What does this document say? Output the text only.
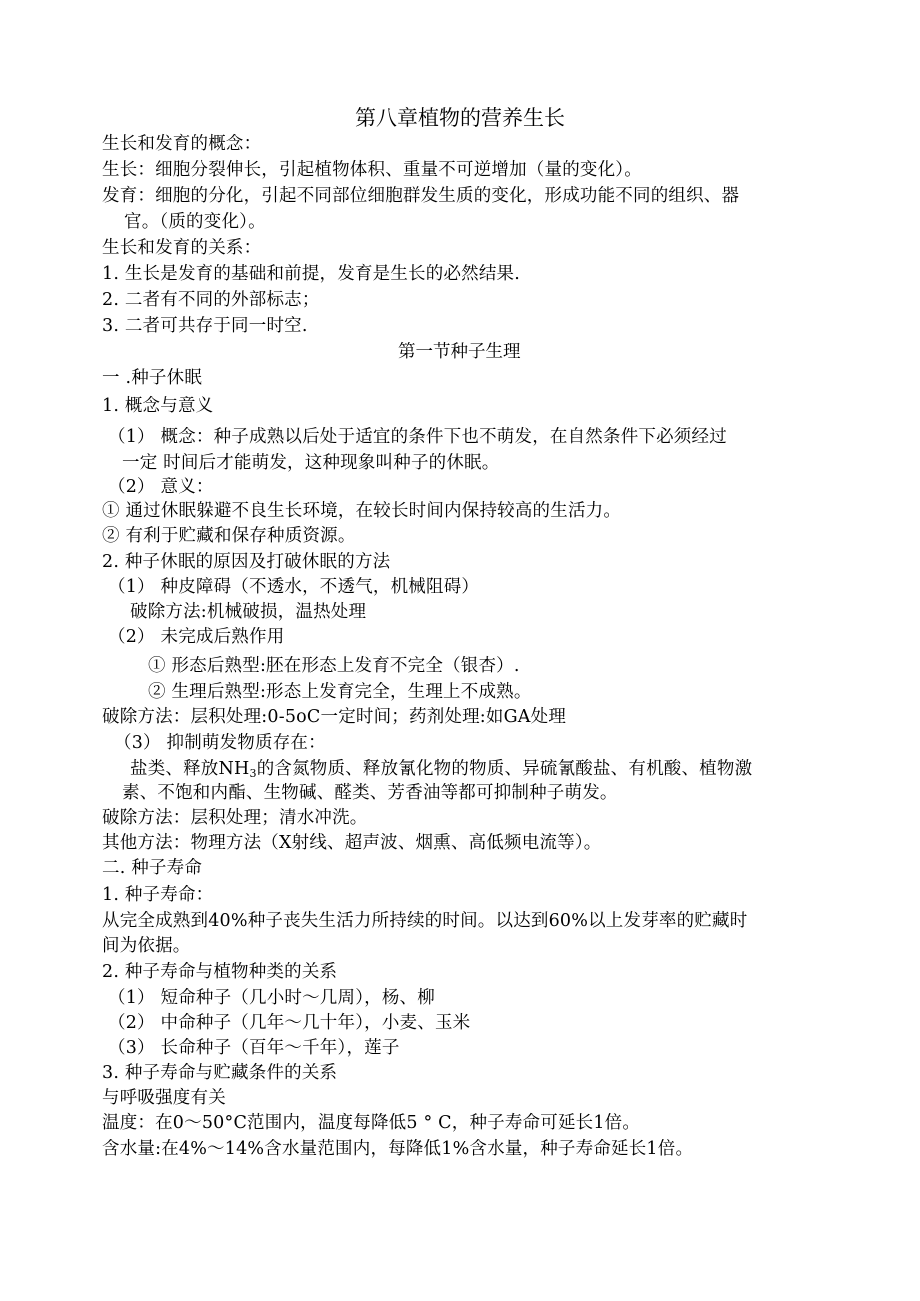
第八章植物的营养生长
生长和发育的概念：
生长：细胞分裂伸长，引起植物体积、重量不可逆增加（量的变化）。
发育：细胞的分化，引起不同部位细胞群发生质的变化，形成功能不同的组织、器
官。（质的变化）。
生长和发育的关系：
1. 生长是发育的基础和前提，发育是生长的必然结果.
2. 二者有不同的外部标志；
3. 二者可共存于同一时空.
第一节种子生理
一 .种子休眠
1. 概念与意义
（1） 概念：种子成熟以后处于适宜的条件下也不萌发，在自然条件下必须经过
一定 时间后才能萌发，这种现象叫种子的休眠。
（2） 意义：
① 通过休眠躲避不良生长环境，在较长时间内保持较高的生活力。
② 有利于贮藏和保存种质资源。
2. 种子休眠的原因及打破休眠的方法
（1） 种皮障碍（不透水，不透气，机械阻碍）
破除方法:机械破损，温热处理
（2） 未完成后熟作用
① 形态后熟型:胚在形态上发育不完全（银杏）.
② 生理后熟型:形态上发育完全，生理上不成熟。
破除方法：层积处理:0-5oC一定时间；药剂处理:如GA处理
（3） 抑制萌发物质存在：
盐类、释放$NH_3$的含氮物质、释放氰化物的物质、异硫氰酸盐、有机酸、植物激
素、不饱和内酯、生物碱、醛类、芳香油等都可抑制种子萌发。
破除方法：层积处理；清水冲洗。
其他方法：物理方法（X射线、超声波、烟熏、高低频电流等）。
二. 种子寿命
1. 种子寿命：
从完全成熟到40%种子丧失生活力所持续的时间。以达到60%以上发芽率的贮藏时
间为依据。
2. 种子寿命与植物种类的关系
（1） 短命种子（几小时～几周），杨、柳
（2） 中命种子（几年～几十年），小麦、玉米
（3） 长命种子（百年～千年），莲子
3. 种子寿命与贮藏条件的关系
与呼吸强度有关
温度：在0～50°C范围内，温度每降低5 ° C，种子寿命可延长1倍。
含水量:在4%～14%含水量范围内，每降低1%含水量，种子寿命延长1倍。
